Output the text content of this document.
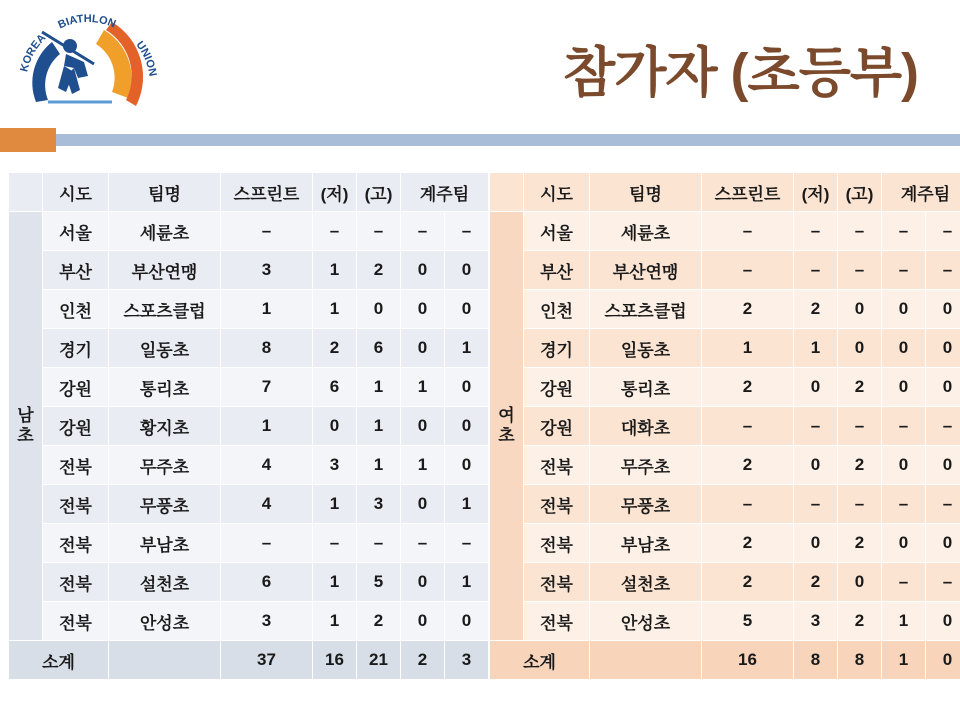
KOREA
BIATHLON
UNION	참가자 (초등부)
	시도	팀명	스프린트	(저)	(고)	계주팀	
남
초	서울	세륜초	–	–	–	–	–
	부산	부산연맹	3	1	2	0	0
	인천	스포츠클럽	1	1	0	0	0
	경기	일동초	8	2	6	0	1
	강원	통리초	7	6	1	1	0
	강원	황지초	1	0	1	0	0
	전북	무주초	4	3	1	1	0
	전북	무풍초	4	1	3	0	1
	전북	부남초	–	–	–	–	–
	전북	설천초	6	1	5	0	1
	전북	안성초	3	1	2	0	0
소계			37	16	21	2	3
	시도	팀명	스프린트	(저)	(고)	계주팀	
여
초	서울	세륜초	–	–	–	–	–
	부산	부산연맹	–	–	–	–	–
	인천	스포츠클럽	2	2	0	0	0
	경기	일동초	1	1	0	0	0
	강원	통리초	2	0	2	0	0
	강원	대화초	–	–	–	–	–
	전북	무주초	2	0	2	0	0
	전북	무풍초	–	–	–	–	–
	전북	부남초	2	0	2	0	0
	전북	설천초	2	2	0	–	–
	전북	안성초	5	3	2	1	0
소계			16	8	8	1	0
